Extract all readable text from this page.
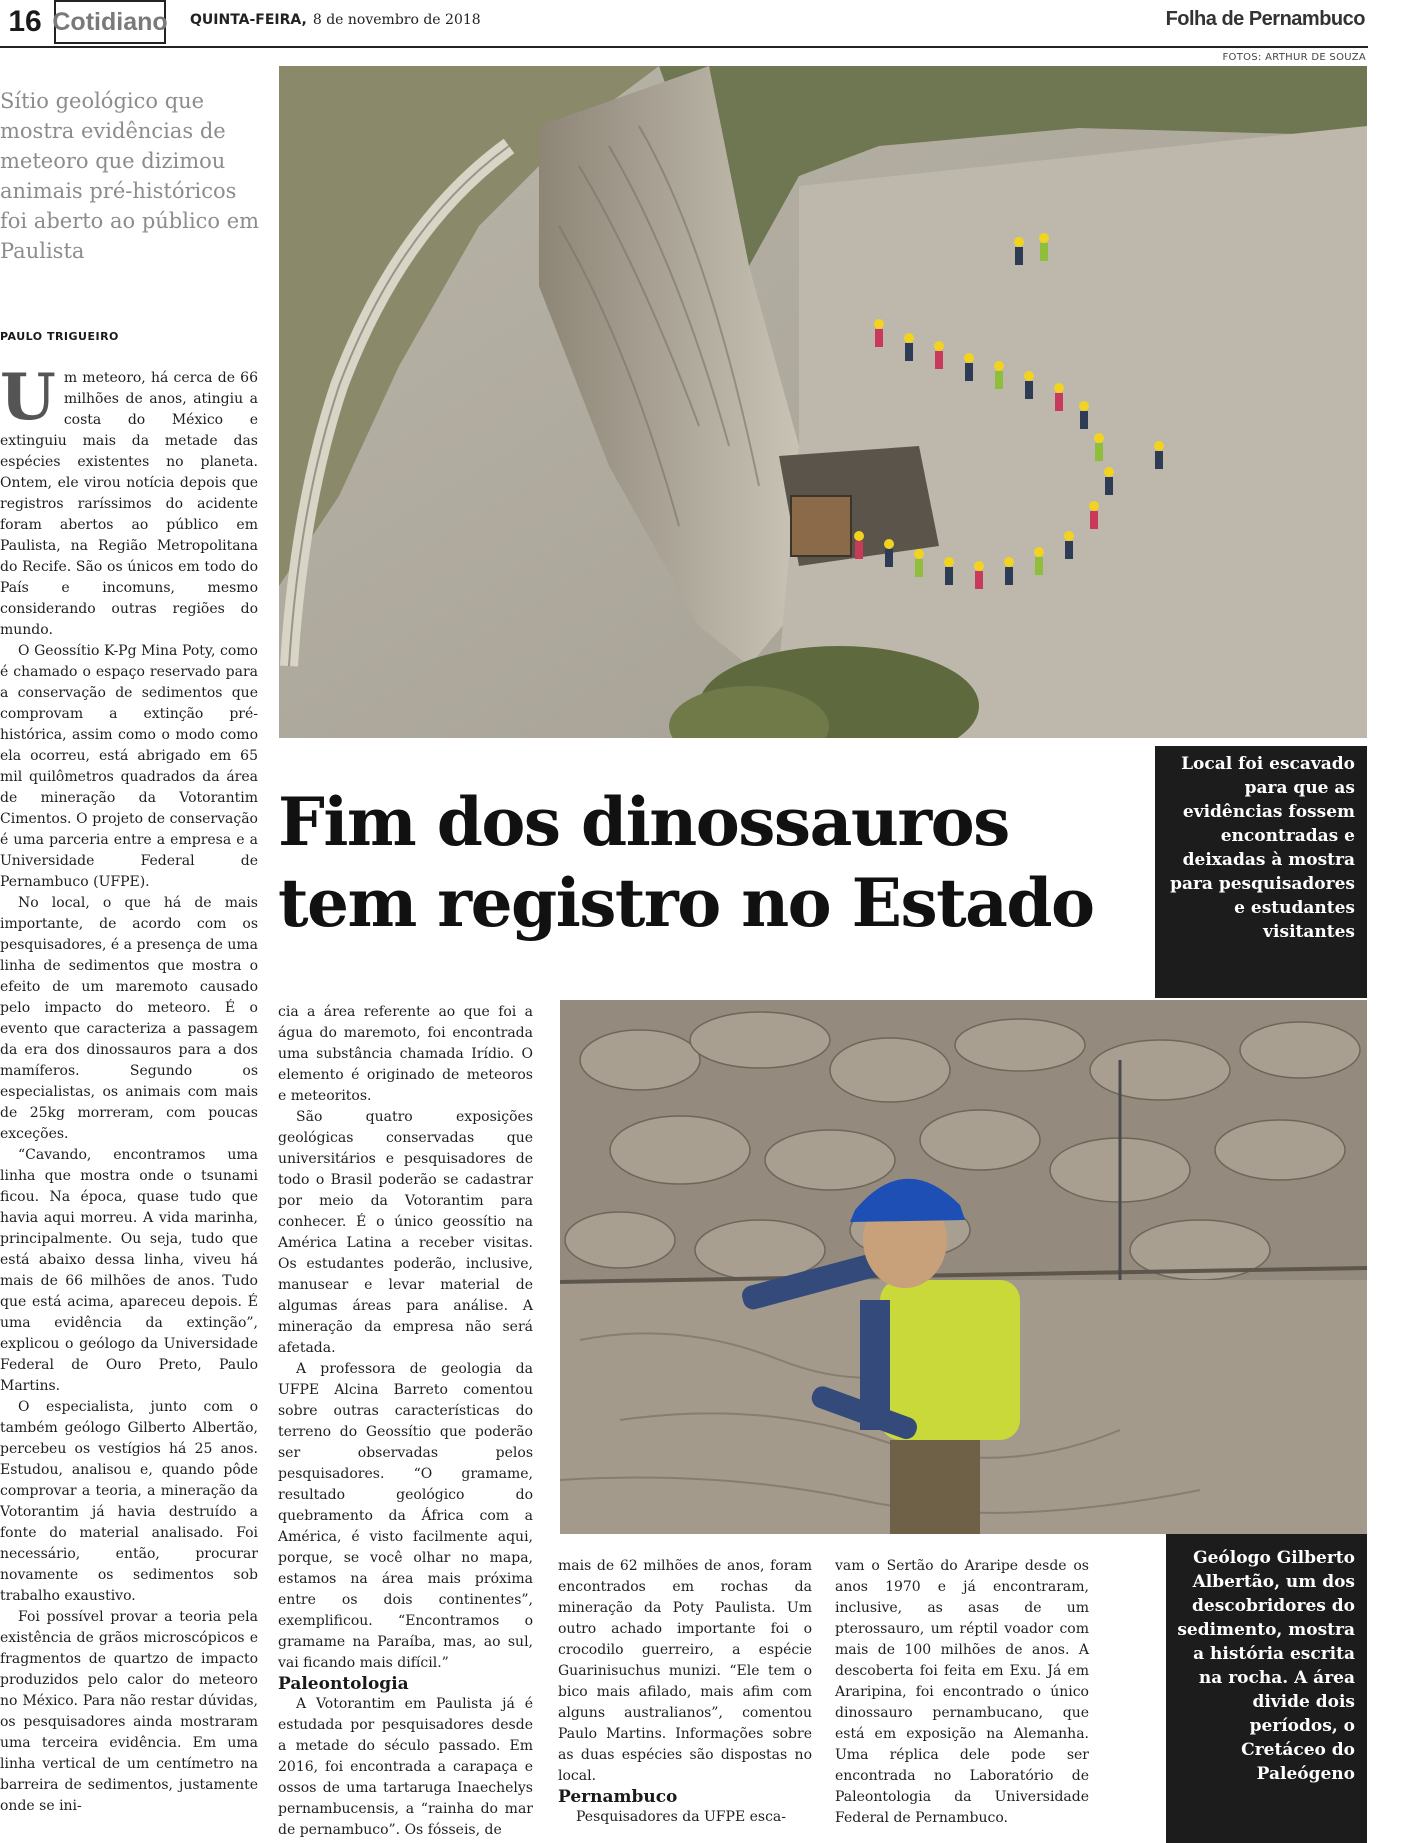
16 Cotidiano QUINTA-FEIRA, 8 de novembro de 2018	Folha de Pernambuco
FOTOS: ARTHUR DE SOUZA
Sítio geológico que mostra evidências de meteoro que dizimou animais pré-históricos foi aberto ao público em Paulista
PAULO TRIGUEIRO

Um meteoro, há cerca de 66 milhões de anos, atingiu a costa do México e extinguiu mais da metade das espécies existentes no planeta. Ontem, ele virou notícia depois que registros raríssimos do acidente foram abertos ao público em Paulista, na Região Metropolitana do Recife. São os únicos em todo do País e incomuns, mesmo considerando outras regiões do mundo.

O Geossítio K-Pg Mina Poty, como é chamado o espaço reservado para a conservação de sedimentos que comprovam a extinção pré-histórica, assim como o modo como ela ocorreu, está abrigado em 65 mil quilômetros quadrados da área de mineração da Votorantim Cimentos. O projeto de conservação é uma parceria entre a empresa e a Universidade Federal de Pernambuco (UFPE).

No local, o que há de mais importante, de acordo com os pesquisadores, é a presença de uma linha de sedimentos que mostra o efeito de um maremoto causado pelo impacto do meteoro. É o evento que caracteriza a passagem da era dos dinossauros para a dos mamíferos. Segundo os especialistas, os animais com mais de 25kg morreram, com poucas exceções.

“Cavando, encontramos uma linha que mostra onde o tsunami ficou. Na época, quase tudo que havia aqui morreu. A vida marinha, principalmente. Ou seja, tudo que está abaixo dessa linha, viveu há mais de 66 milhões de anos. Tudo que está acima, apareceu depois. É uma evidência da extinção”, explicou o geólogo da Universidade Federal de Ouro Preto, Paulo Martins.

O especialista, junto com o também geólogo Gilberto Albertão, percebeu os vestígios há 25 anos. Estudou, analisou e, quando pôde comprovar a teoria, a mineração da Votorantim já havia destruído a fonte do material analisado. Foi necessário, então, procurar novamente os sedimentos sob trabalho exaustivo.

Foi possível provar a teoria pela existência de grãos microscópicos e fragmentos de quartzo de impacto produzidos pelo calor do meteoro no México. Para não restar dúvidas, os pesquisadores ainda mostraram uma terceira evidência. Em uma linha vertical de um centímetro na barreira de sedimentos, justamente onde se ini-

Local foi escavado para que as evidências fossem encontradas e deixadas à mostra para pesquisadores e estudantes visitantes
Fim dos dinossauros
tem registro no Estado

cia a área referente ao que foi a água do maremoto, foi encontrada uma substância chamada Irídio. O elemento é originado de meteoros e meteoritos.

São quatro exposições geológicas conservadas que universitários e pesquisadores de todo o Brasil poderão se cadastrar por meio da Votorantim para conhecer. É o único geossítio na América Latina a receber visitas. Os estudantes poderão, inclusive, manusear e levar material de algumas áreas para análise. A mineração da empresa não será afetada.

A professora de geologia da UFPE Alcina Barreto comentou sobre outras características do terreno do Geossítio que poderão ser observadas pelos pesquisadores. “O gramame, resultado geológico do quebramento da África com a América, é visto facilmente aqui, porque, se você olhar no mapa, estamos na área mais próxima entre os dois continentes”, exemplificou. “Encontramos o gramame na Paraíba, mas, ao sul, vai ficando mais difícil.”

Paleontologia

A Votorantim em Paulista já é estudada por pesquisadores desde a metade do século passado. Em 2016, foi encontrada a carapaça e ossos de uma tartaruga Inaechelys pernambucensis, a “rainha do mar de pernambuco”. Os fósseis, de

mais de 62 milhões de anos, foram encontrados em rochas da mineração da Poty Paulista. Um outro achado importante foi o crocodilo guerreiro, a espécie Guarinisuchus munizi. “Ele tem o bico mais afilado, mais afim com alguns australianos”, comentou Paulo Martins. Informações sobre as duas espécies são dispostas no local.

Pernambuco

Pesquisadores da UFPE esca-

vam o Sertão do Araripe desde os anos 1970 e já encontraram, inclusive, as asas de um pterossauro, um réptil voador com mais de 100 milhões de anos. A descoberta foi feita em Exu. Já em Araripina, foi encontrado o único dinossauro pernambucano, que está em exposição na Alemanha. Uma réplica dele pode ser encontrada no Laboratório de Paleontologia da Universidade Federal de Pernambuco.

Geólogo Gilberto Albertão, um dos descobridores do sedimento, mostra a história escrita na rocha. A área divide dois períodos, o Cretáceo do Paleógeno
